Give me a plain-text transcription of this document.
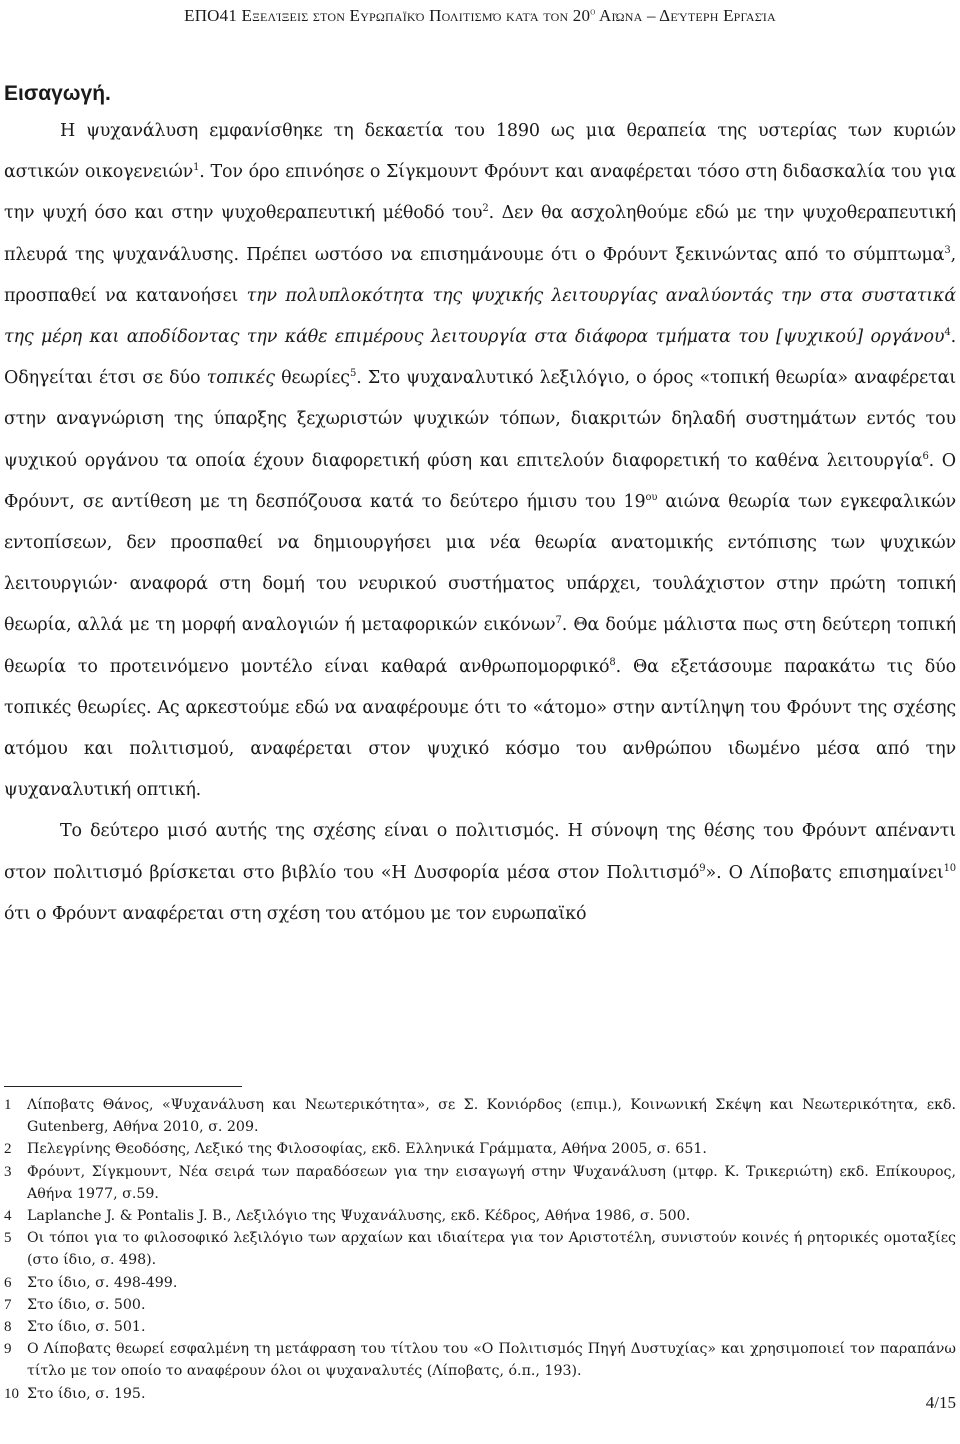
ΕΠΟ41 Εξελίξεις στον Ευρωπαϊκό Πολιτισμό κατά τον $20^o$ Αιώνα – Δεύτερη Εργασία
Εισαγωγή.

Η ψυχανάλυση εμφανίσθηκε τη δεκαετία του 1890 ως μια θεραπεία της υστερίας των κυριών αστικών οικογενειών$^1$. Τον όρο επινόησε ο Σίγκμουντ Φρόυντ και αναφέρεται τόσο στη διδασκαλία του για την ψυχή όσο και στην ψυχοθεραπευτική μέθοδό του$^2$. Δεν θα ασχοληθούμε εδώ με την ψυχοθεραπευτική πλευρά της ψυχανάλυσης. Πρέπει ωστόσο να επισημάνουμε ότι ο Φρόυντ ξεκινώντας από το σύμπτωμα$^3$, προσπαθεί να κατανοήσει την πολυπλοκότητα της ψυχικής λειτουργίας αναλύοντάς την στα συστατικά της μέρη και αποδίδοντας την κάθε επιμέρους λειτουργία στα διάφορα τμήματα του [ψυχικού] οργάνου$^4$. Οδηγείται έτσι σε δύο τοπικές θεωρίες$^5$. Στο ψυχαναλυτικό λεξιλόγιο, ο όρος «τοπική θεωρία» αναφέρεται στην αναγνώριση της ύπαρξης ξεχωριστών ψυχικών τόπων, διακριτών δηλαδή συστημάτων εντός του ψυχικού οργάνου τα οποία έχουν διαφορετική φύση και επιτελούν διαφορετική το καθένα λειτουργία$^6$. Ο Φρόυντ, σε αντίθεση με τη δεσπόζουσα κατά το δεύτερο ήμισυ του $19^{o\upsilon}$ αιώνα θεωρία των εγκεφαλικών εντοπίσεων, δεν προσπαθεί να δημιουργήσει μια νέα θεωρία ανατομικής εντόπισης των ψυχικών λειτουργιών· αναφορά στη δομή του νευρικού συστήματος υπάρχει, τουλάχιστον στην πρώτη τοπική θεωρία, αλλά με τη μορφή αναλογιών ή μεταφορικών εικόνων$^7$. Θα δούμε μάλιστα πως στη δεύτερη τοπική θεωρία το προτεινόμενο μοντέλο είναι καθαρά ανθρωπομορφικό$^8$. Θα εξετάσουμε παρακάτω τις δύο τοπικές θεωρίες. Ας αρκεστούμε εδώ να αναφέρουμε ότι το «άτομο» στην αντίληψη του Φρόυντ της σχέσης ατόμου και πολιτισμού, αναφέρεται στον ψυχικό κόσμο του ανθρώπου ιδωμένο μέσα από την ψυχαναλυτική οπτική.

Το δεύτερο μισό αυτής της σχέσης είναι ο πολιτισμός. Η σύνοψη της θέσης του Φρόυντ απέναντι στον πολιτισμό βρίσκεται στο βιβλίο του «Η Δυσφορία μέσα στον Πολιτισμό$^9$». Ο Λίποβατς επισημαίνει$^{10}$ ότι ο Φρόυντ αναφέρεται στη σχέση του ατόμου με τον ευρωπαϊκό

1	Λίποβατς Θάνος, «Ψυχανάλυση και Νεωτερικότητα», σε Σ. Κονιόρδος (επιμ.), Κοινωνική Σκέψη και Νεωτερικότητα, εκδ. Gutenberg, Αθήνα 2010, σ. 209.
2	Πελεγρίνης Θεοδόσης, Λεξικό της Φιλοσοφίας, εκδ. Ελληνικά Γράμματα, Αθήνα 2005, σ. 651.
3	Φρόυντ, Σίγκμουντ, Νέα σειρά των παραδόσεων για την εισαγωγή στην Ψυχανάλυση (μτφρ. Κ. Τρικεριώτη) εκδ. Επίκουρος, Αθήνα 1977, σ.59.
4	Laplanche J. & Pontalis J. B., Λεξιλόγιο της Ψυχανάλυσης, εκδ. Κέδρος, Αθήνα 1986, σ. 500.
5	Οι τόποι για το φιλοσοφικό λεξιλόγιο των αρχαίων και ιδιαίτερα για τον Αριστοτέλη, συνιστούν κοινές ή ρητορικές ομοταξίες (στο ίδιο, σ. 498).
6	Στο ίδιο, σ. 498-499.
7	Στο ίδιο, σ. 500.
8	Στο ίδιο, σ. 501.
9	Ο Λίποβατς θεωρεί εσφαλμένη τη μετάφραση του τίτλου του «Ο Πολιτισμός Πηγή Δυστυχίας» και χρησιμοποιεί τον παραπάνω τίτλο με τον οποίο το αναφέρουν όλοι οι ψυχαναλυτές (Λίποβατς, ό.π., 193).
10 Στο ίδιο, σ. 195.	4/15
